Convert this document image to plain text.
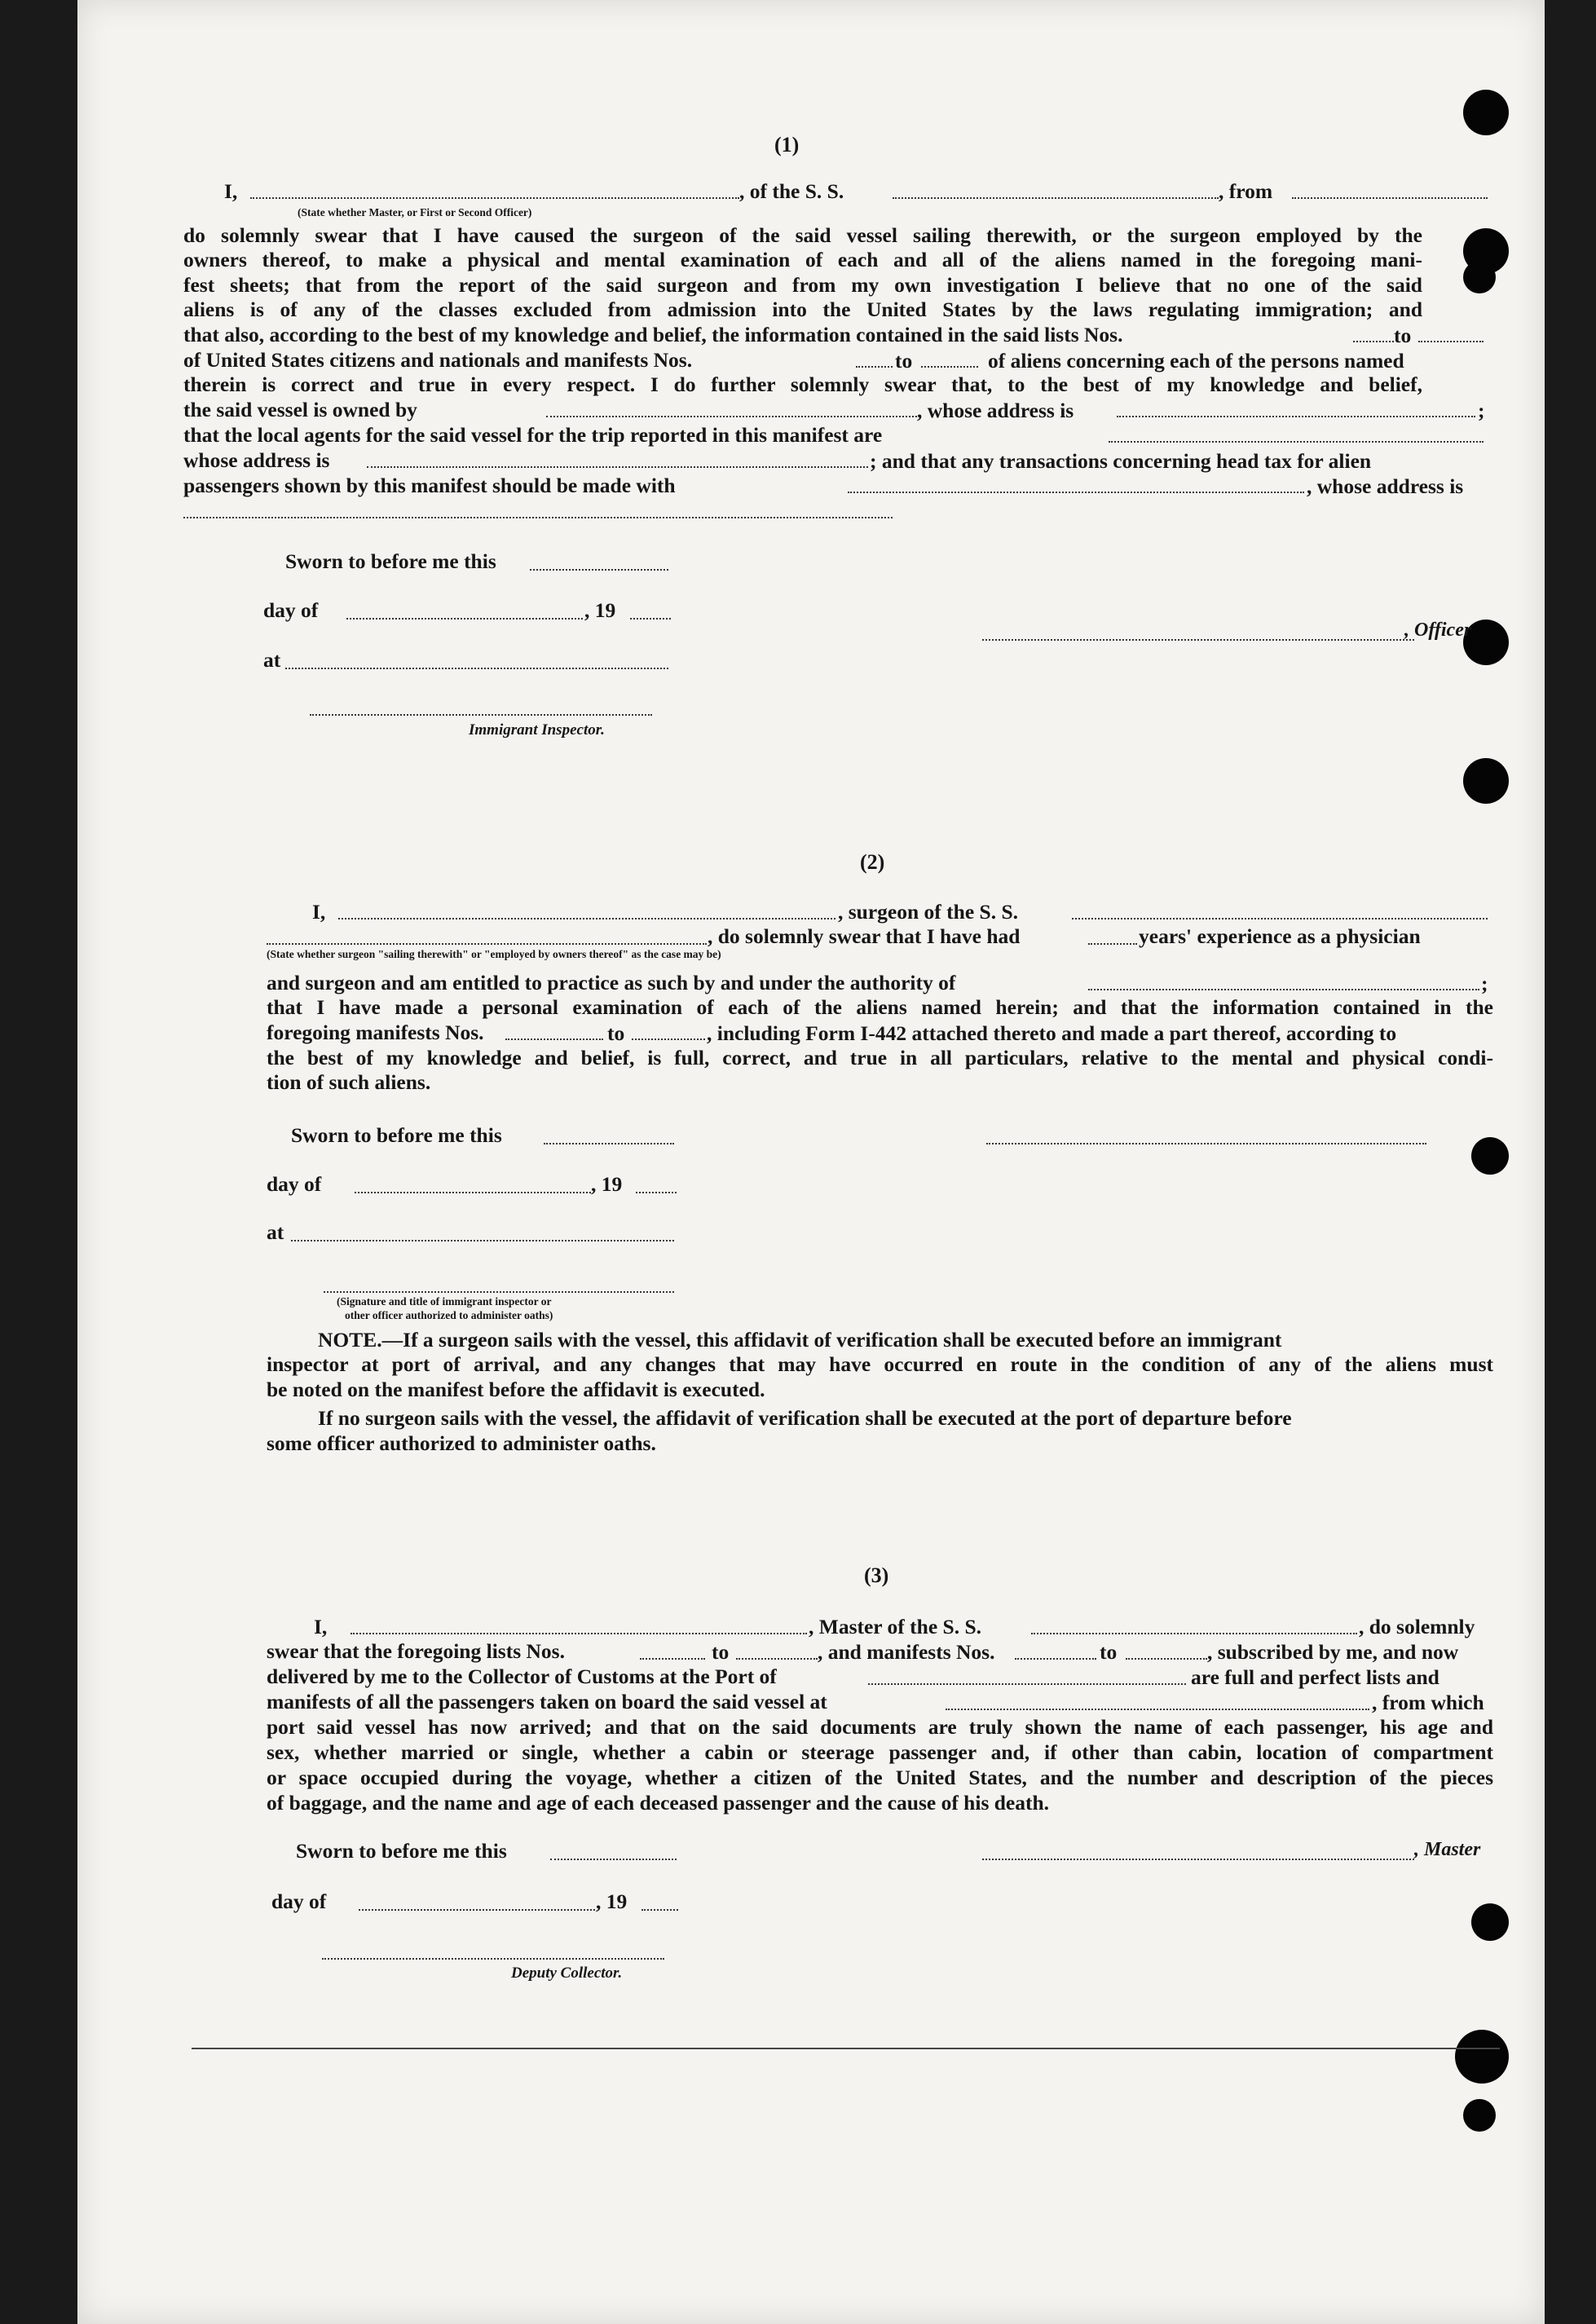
(1)
I,	, of the S. S.	, from
(State whether Master, or First or Second Officer)
do solemnly swear that I have caused the surgeon of the said vessel sailing therewith, or the surgeon employed by the
owners thereof, to make a physical and mental examination of each and all of the aliens named in the foregoing mani-
fest sheets; that from the report of the said surgeon and from my own investigation I believe that no one of the said
aliens is of any of the classes excluded from admission into the United States by the laws regulating immigration; and
that also, according to the best of my knowledge and belief, the information contained in the said lists Nos.	to
of United States citizens and nationals and manifests Nos.	to	of aliens concerning each of the persons named
therein is correct and true in every respect. I do further solemnly swear that, to the best of my knowledge and belief,
the said vessel is owned by	, whose address is	;
that the local agents for the said vessel for the trip reported in this manifest are
whose address is	; and that any transactions concerning head tax for alien
passengers shown by this manifest should be made with	, whose address is
Sworn to before me this
day of	, 19
at
, Officer
Immigrant Inspector.
(2)
I,	, surgeon of the S. S.
, do solemnly swear that I have had	years' experience as a physician
(State whether surgeon "sailing therewith" or "employed by owners thereof" as the case may be)
and surgeon and am entitled to practice as such by and under the authority of	;
that I have made a personal examination of each of the aliens named herein; and that the information contained in the
foregoing manifests Nos.	to	, including Form I-442 attached thereto and made a part thereof, according to
the best of my knowledge and belief, is full, correct, and true in all particulars, relative to the mental and physical condi-
tion of such aliens.
Sworn to before me this
day of	, 19
at
(Signature and title of immigrant inspector or
other officer authorized to administer oaths)
NOTE.—If a surgeon sails with the vessel, this affidavit of verification shall be executed before an immigrant
inspector at port of arrival, and any changes that may have occurred en route in the condition of any of the aliens must
be noted on the manifest before the affidavit is executed.
If no surgeon sails with the vessel, the affidavit of verification shall be executed at the port of departure before
some officer authorized to administer oaths.
(3)
I,	, Master of the S. S.	, do solemnly
swear that the foregoing lists Nos.	to	, and manifests Nos.	to	, subscribed by me, and now
delivered by me to the Collector of Customs at the Port of	are full and perfect lists and
manifests of all the passengers taken on board the said vessel at	, from which
port said vessel has now arrived; and that on the said documents are truly shown the name of each passenger, his age and
sex, whether married or single, whether a cabin or steerage passenger and, if other than cabin, location of compartment
or space occupied during the voyage, whether a citizen of the United States, and the number and description of the pieces
of baggage, and the name and age of each deceased passenger and the cause of his death.
Sworn to before me this	, Master
day of	, 19
Deputy Collector.
